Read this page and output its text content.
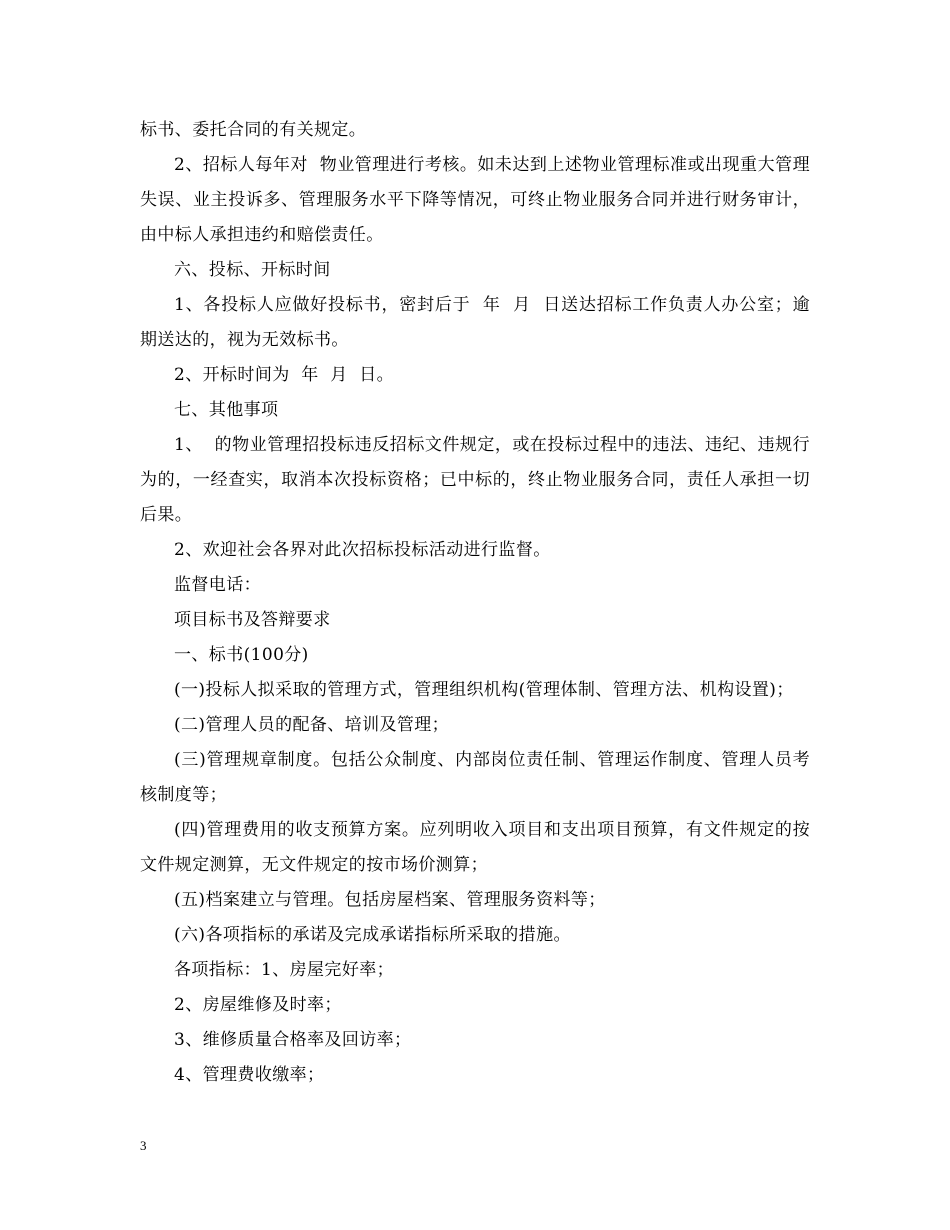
标书、委托合同的有关规定。

2、招标人每年对  物业管理进行考核。如未达到上述物业管理标准或出现重大管理失误、业主投诉多、管理服务水平下降等情况，可终止物业服务合同并进行财务审计，由中标人承担违约和赔偿责任。

六、投标、开标时间

1、各投标人应做好投标书，密封后于  年  月  日送达招标工作负责人办公室；逾期送达的，视为无效标书。

2、开标时间为  年  月  日。

七、其他事项

1、  的物业管理招投标违反招标文件规定，或在投标过程中的违法、违纪、违规行为的，一经查实，取消本次投标资格；已中标的，终止物业服务合同，责任人承担一切后果。

2、欢迎社会各界对此次招标投标活动进行监督。

监督电话：

项目标书及答辩要求

一、标书(100分)

(一)投标人拟采取的管理方式，管理组织机构(管理体制、管理方法、机构设置)；

(二)管理人员的配备、培训及管理；

(三)管理规章制度。包括公众制度、内部岗位责任制、管理运作制度、管理人员考核制度等；

(四)管理费用的收支预算方案。应列明收入项目和支出项目预算，有文件规定的按文件规定测算，无文件规定的按市场价测算；

(五)档案建立与管理。包括房屋档案、管理服务资料等；

(六)各项指标的承诺及完成承诺指标所采取的措施。

各项指标：1、房屋完好率；

2、房屋维修及时率；

3、维修质量合格率及回访率；

4、管理费收缴率；

3
